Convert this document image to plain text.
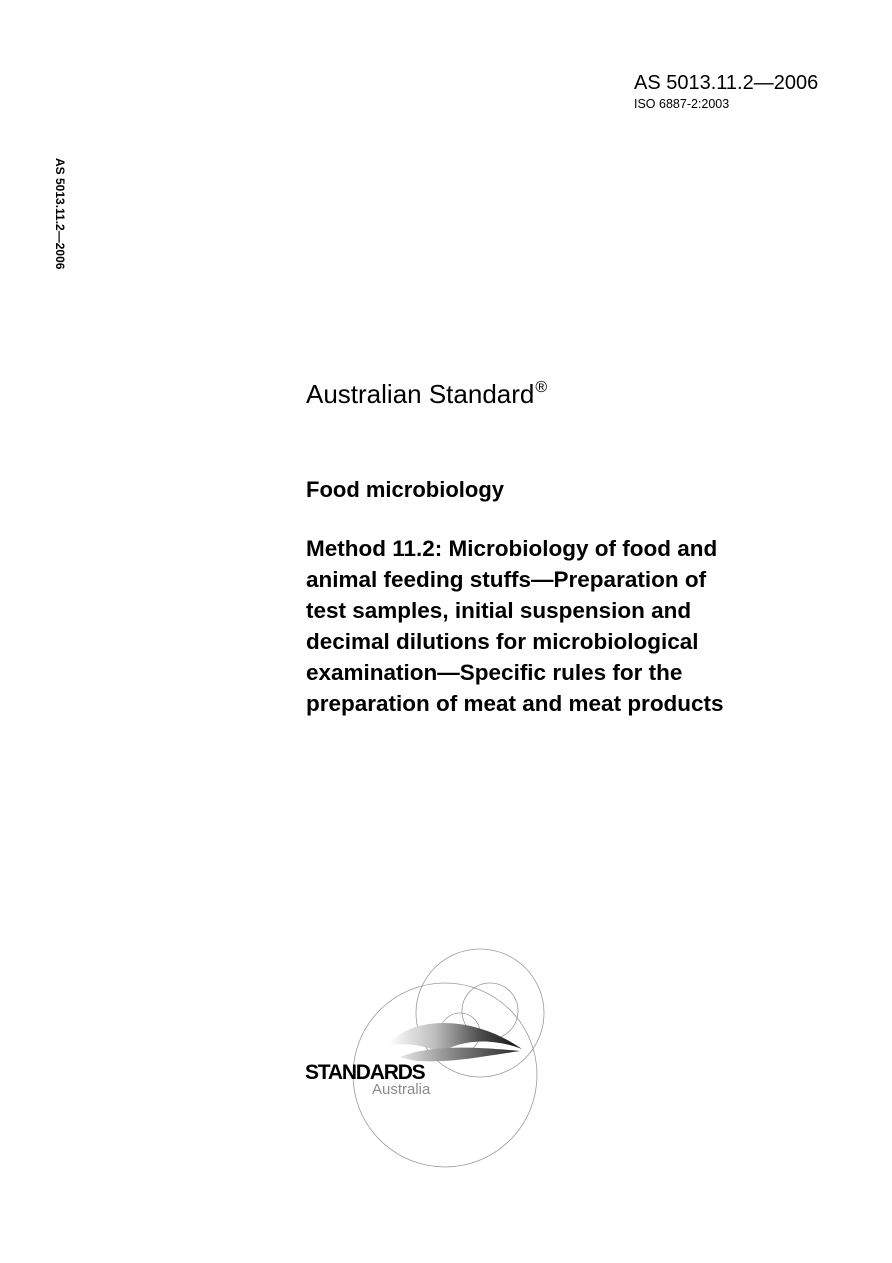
AS 5013.11.2—2006
ISO 6887-2:2003
AS 5013.11.2—2006
Australian Standard®
Food microbiology
Method 11.2: Microbiology of food and
animal feeding stuffs—Preparation of
test samples, initial suspension and
decimal dilutions for microbiological
examination—Specific rules for the
preparation of meat and meat products
STANDARDS
Australia
